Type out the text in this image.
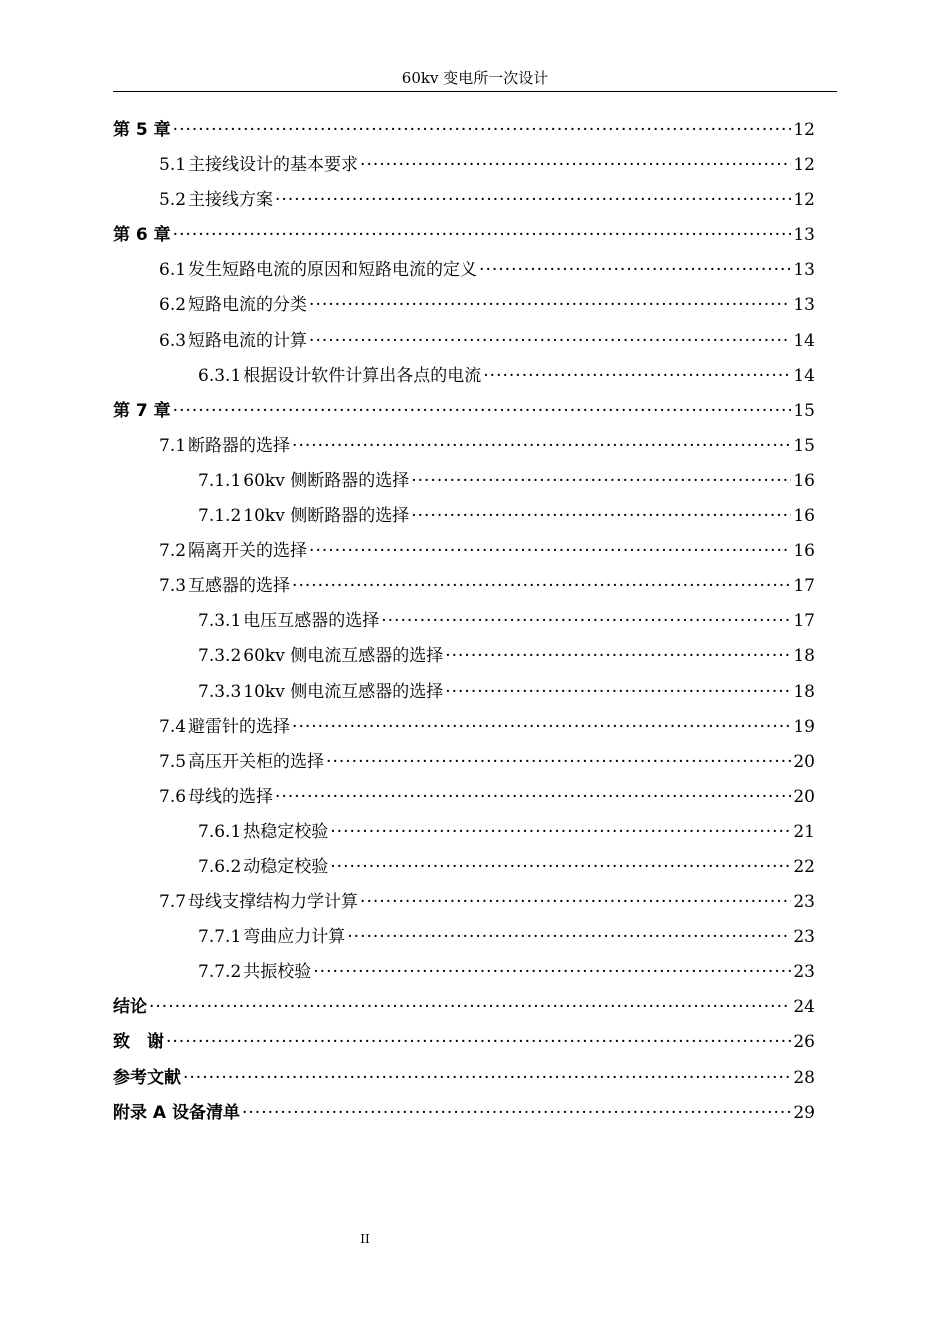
60kv 变电所一次设计
第 5 章 ·····	12
5.1 主接线设计的基本要求 ·····	12
5.2 主接线方案 ·····	12
第 6 章 ·····	13
6.1 发生短路电流的原因和短路电流的定义 ·····	13
6.2 短路电流的分类 ·····	13
6.3 短路电流的计算 ·····	14
6.3.1 根据设计软件计算出各点的电流 ·····	14
第 7 章 ·····	15
7.1 断路器的选择 ·····	15
7.1.1 60kv 侧断路器的选择 ·····	16
7.1.2 10kv 侧断路器的选择 ·····	16
7.2 隔离开关的选择 ·····	16
7.3 互感器的选择 ·····	17
7.3.1 电压互感器的选择 ·····	17
7.3.2 60kv 侧电流互感器的选择 ·····	18
7.3.3 10kv 侧电流互感器的选择 ·····	18
7.4 避雷针的选择 ·····	19
7.5 高压开关柜的选择 ·····	20
7.6 母线的选择 ·····	20
7.6.1 热稳定校验 ·····	21
7.6.2 动稳定校验 ·····	22
7.7 母线支撑结构力学计算 ·····	23
7.7.1 弯曲应力计算 ·····	23
7.7.2 共振校验 ·····	23
结论 ·····	24
致　谢 ·····	26
参考文献 ·····	28
附录 A 设备清单 ·····	29
II
